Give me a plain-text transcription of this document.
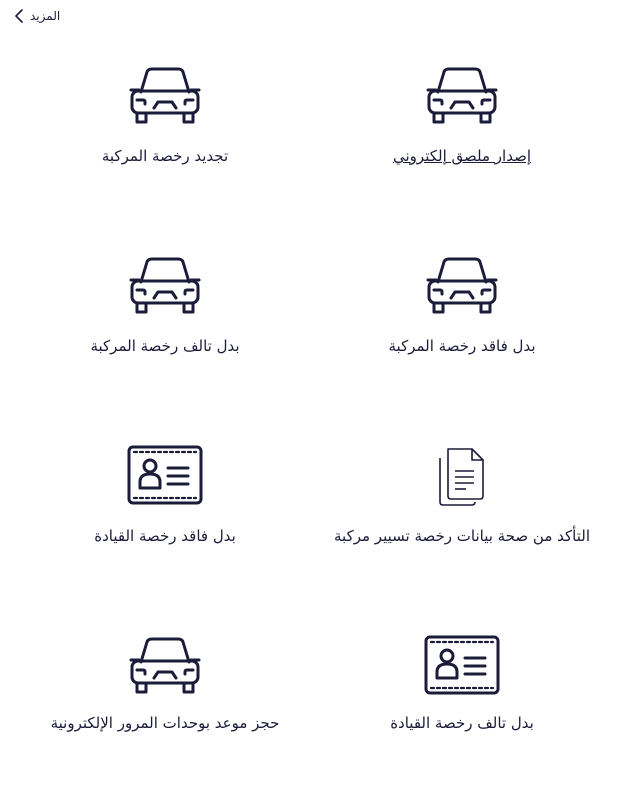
المزيد
إصدار ملصق إلكتروني
تجديد رخصة المركبة
بدل فاقد رخصة المركبة
بدل تالف رخصة المركبة
التأكد من صحة بيانات رخصة تسيير مركبة
بدل فاقد رخصة القيادة
بدل تالف رخصة القيادة
حجز موعد بوحدات المرور الإلكترونية
